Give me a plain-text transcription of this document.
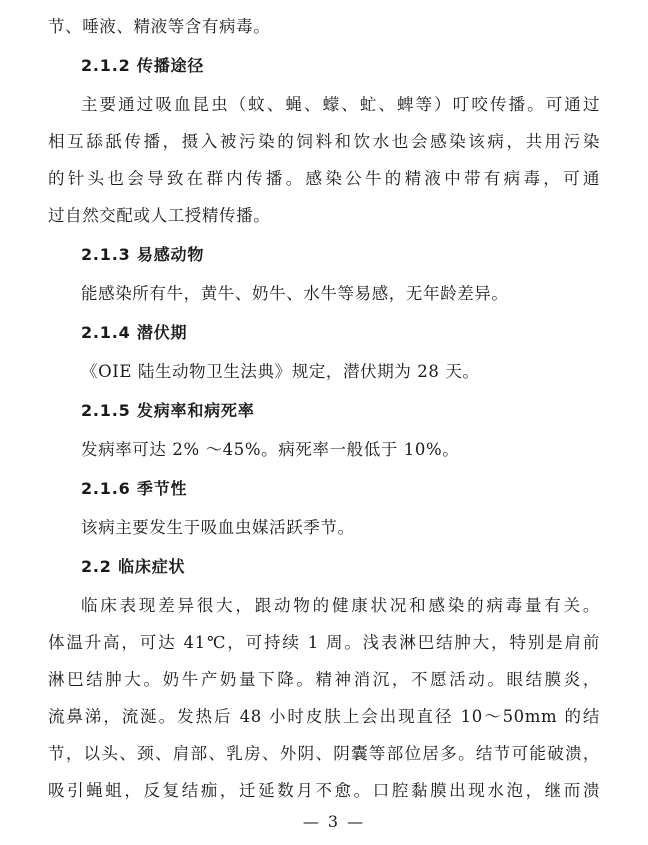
节、唾液、精液等含有病毒。
2.1.2 传播途径
主要通过吸血昆虫（蚊、蝇、蠓、虻、蜱等）叮咬传播。可通过
相互舔舐传播，摄入被污染的饲料和饮水也会感染该病，共用污染
的针头也会导致在群内传播。感染公牛的精液中带有病毒，可通
过自然交配或人工授精传播。
2.1.3 易感动物
能感染所有牛，黄牛、奶牛、水牛等易感，无年龄差异。
2.1.4 潜伏期
《OIE 陆生动物卫生法典》规定，潜伏期为 28 天。
2.1.5 发病率和病死率
发病率可达 2% ～45%。病死率一般低于 10%。
2.1.6 季节性
该病主要发生于吸血虫媒活跃季节。
2.2 临床症状
临床表现差异很大，跟动物的健康状况和感染的病毒量有关。
体温升高，可达 41℃，可持续 1 周。浅表淋巴结肿大，特别是肩前
淋巴结肿大。奶牛产奶量下降。精神消沉，不愿活动。眼结膜炎，
流鼻涕，流涎。发热后 48 小时皮肤上会出现直径 10～50mm 的结
节，以头、颈、肩部、乳房、外阴、阴囊等部位居多。结节可能破溃，
吸引蝇蛆，反复结痂，迁延数月不愈。口腔黏膜出现水泡，继而溃
— 3 —
